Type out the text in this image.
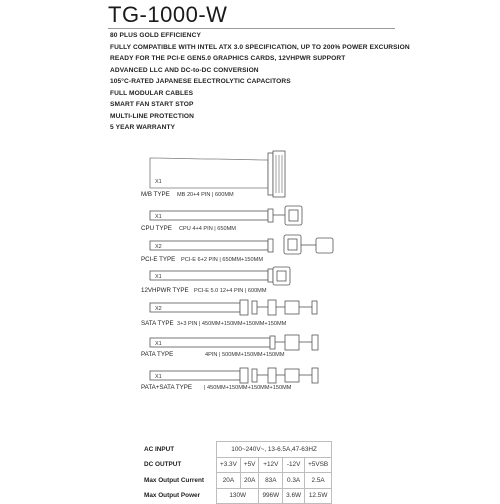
TG-1000-W
80 PLUS GOLD EFFICIENCY
FULLY COMPATIBLE WITH INTEL ATX 3.0 SPECIFICATION, UP TO 200% POWER EXCURSION
READY FOR THE PCI-E GEN5.0 GRAPHICS CARDS, 12VHPWR SUPPORT
ADVANCED LLC AND DC-to-DC CONVERSION
105°C-RATED JAPANESE ELECTROLYTIC CAPACITORS
FULL MODULAR CABLES
SMART FAN START STOP
MULTI-LINE PROTECTION
5 YEAR WARRANTY
X1
M/B TYPE MB 20+4 PIN | 600MM
X1
CPU TYPE CPU 4+4 PIN | 650MM
X2
PCI-E TYPE PCI-E 6+2 PIN | 650MM+150MM
X1
12VHPWR TYPE PCI-E 5.0 12+4 PIN | 600MM
X2
SATA TYPE 3+3 PIN | 450MM+150MM+150MM+150MM
X1
PATA TYPE	4PIN | 500MM+150MM+150MM
X1
PATA+SATA TYPE | 450MM+150MM+150MM+150MM
AC INPUT	100~240V~, 13-6.5A,47-63HZ				
DC OUTPUT	+3.3V	+5V	+12V	-12V	+5VSB
Max Output Current	20A	20A	83A	0.3A	2.5A
Max Output Power	130W		996W	3.6W	12.5W
